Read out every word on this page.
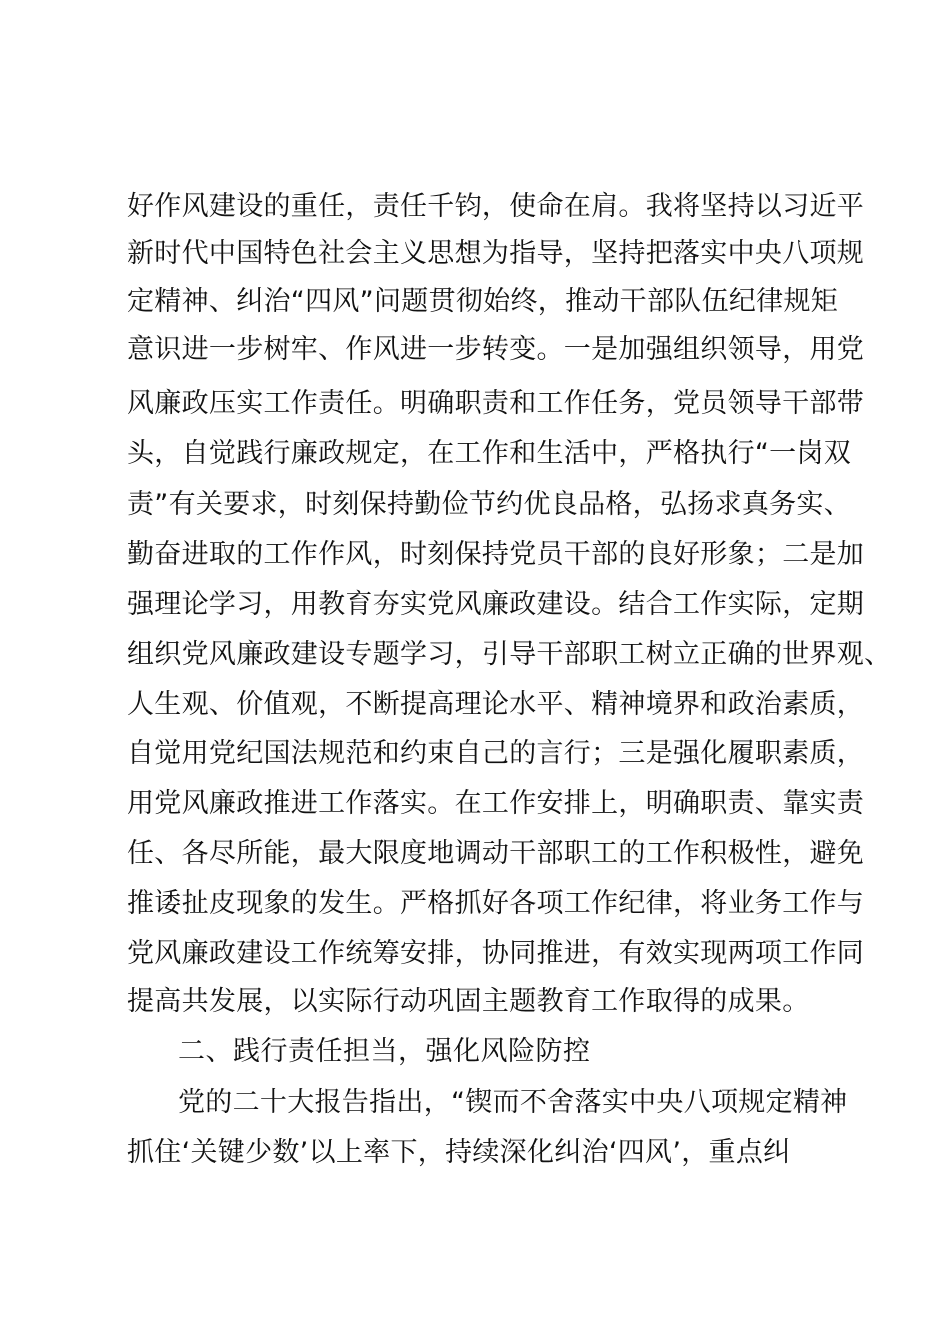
好作风建设的重任，责任千钧，使命在肩。我将坚持以习近平
新时代中国特色社会主义思想为指导，坚持把落实中央八项规
定精神、纠治“四风”问题贯彻始终，推动干部队伍纪律规矩
意识进一步树牢、作风进一步转变。一是加强组织领导，用党
风廉政压实工作责任。明确职责和工作任务，党员领导干部带
头，自觉践行廉政规定，在工作和生活中，严格执行“一岗双
责”有关要求，时刻保持勤俭节约优良品格，弘扬求真务实、
勤奋进取的工作作风，时刻保持党员干部的良好形象；二是加
强理论学习，用教育夯实党风廉政建设。结合工作实际，定期
组织党风廉政建设专题学习，引导干部职工树立正确的世界观、
人生观、价值观，不断提高理论水平、精神境界和政治素质，
自觉用党纪国法规范和约束自己的言行；三是强化履职素质，
用党风廉政推进工作落实。在工作安排上，明确职责、靠实责
任、各尽所能，最大限度地调动干部职工的工作积极性，避免
推诿扯皮现象的发生。严格抓好各项工作纪律，将业务工作与
党风廉政建设工作统筹安排，协同推进，有效实现两项工作同
提高共发展，以实际行动巩固主题教育工作取得的成果。
二、践行责任担当，强化风险防控
党的二十大报告指出，“锲而不舍落实中央八项规定精神
抓住‘关键少数’以上率下，持续深化纠治‘四风’，重点纠
